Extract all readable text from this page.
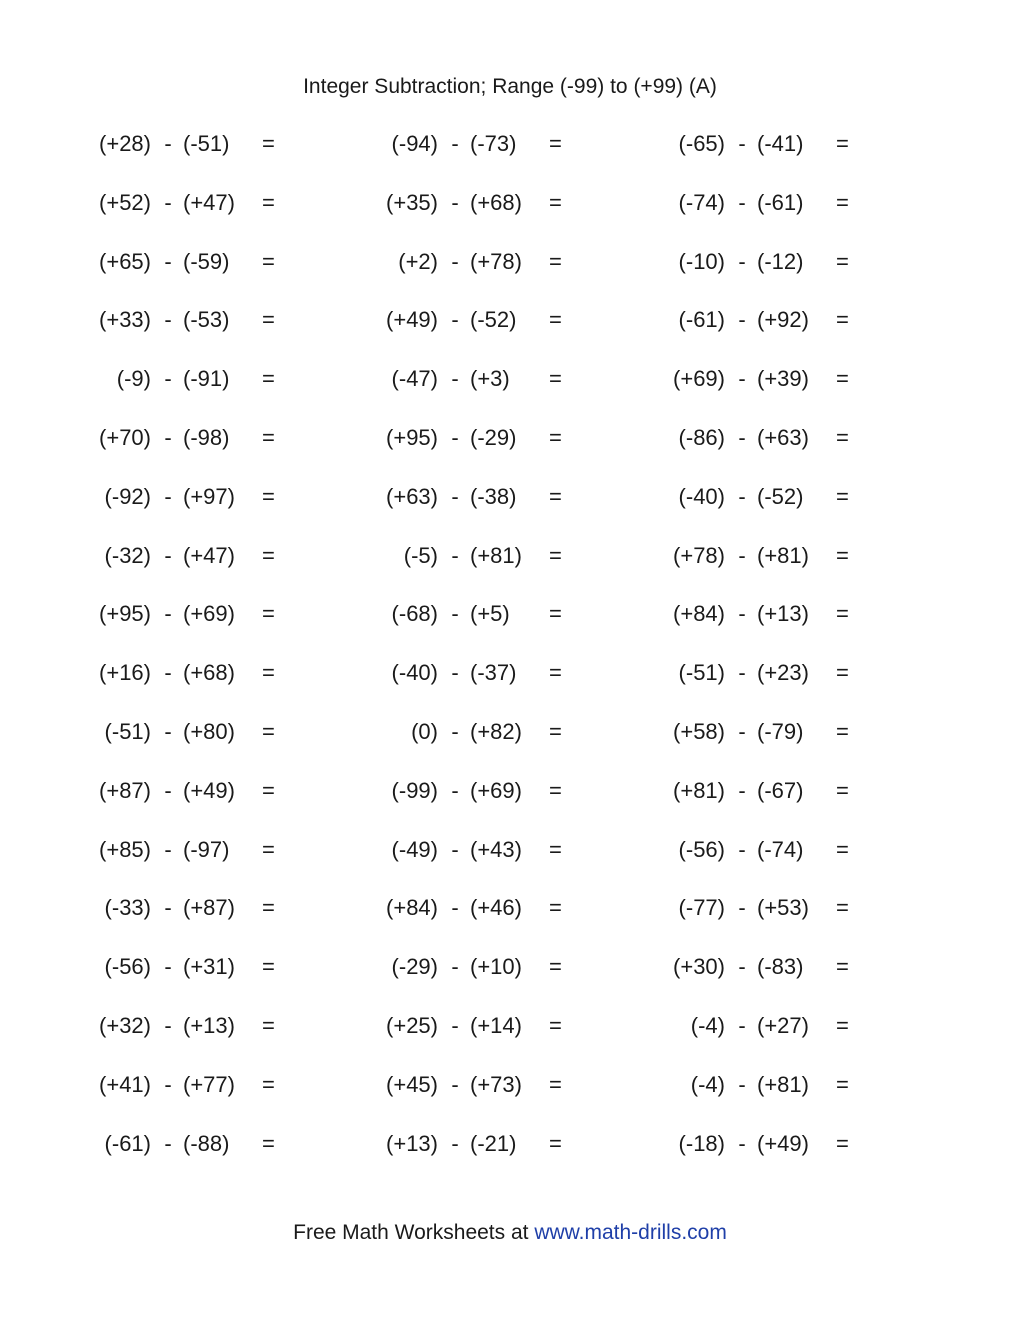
Integer Subtraction; Range (-99) to (+99) (A)
(+28) - (-51) =	(-94) - (-73) =	(-65) - (-41) =
(+52) - (+47) =	(+35) - (+68) =	(-74) - (-61) =
(+65) - (-59) =	(+2) - (+78) =	(-10) - (-12) =
(+33) - (-53) =	(+49) - (-52) =	(-61) - (+92) =
(-9) - (-91) =	(-47) - (+3) =	(+69) - (+39) =
(+70) - (-98) =	(+95) - (-29) =	(-86) - (+63) =
(-92) - (+97) =	(+63) - (-38) =	(-40) - (-52) =
(-32) - (+47) =	(-5) - (+81) =	(+78) - (+81) =
(+95) - (+69) =	(-68) - (+5) =	(+84) - (+13) =
(+16) - (+68) =	(-40) - (-37) =	(-51) - (+23) =
(-51) - (+80) =	(0) - (+82) =	(+58) - (-79) =
(+87) - (+49) =	(-99) - (+69) =	(+81) - (-67) =
(+85) - (-97) =	(-49) - (+43) =	(-56) - (-74) =
(-33) - (+87) =	(+84) - (+46) =	(-77) - (+53) =
(-56) - (+31) =	(-29) - (+10) =	(+30) - (-83) =
(+32) - (+13) =	(+25) - (+14) =	(-4) - (+27) =
(+41) - (+77) =	(+45) - (+73) =	(-4) - (+81) =
(-61) - (-88) =	(+13) - (-21) =	(-18) - (+49) =
Free Math Worksheets at www.math-drills.com
